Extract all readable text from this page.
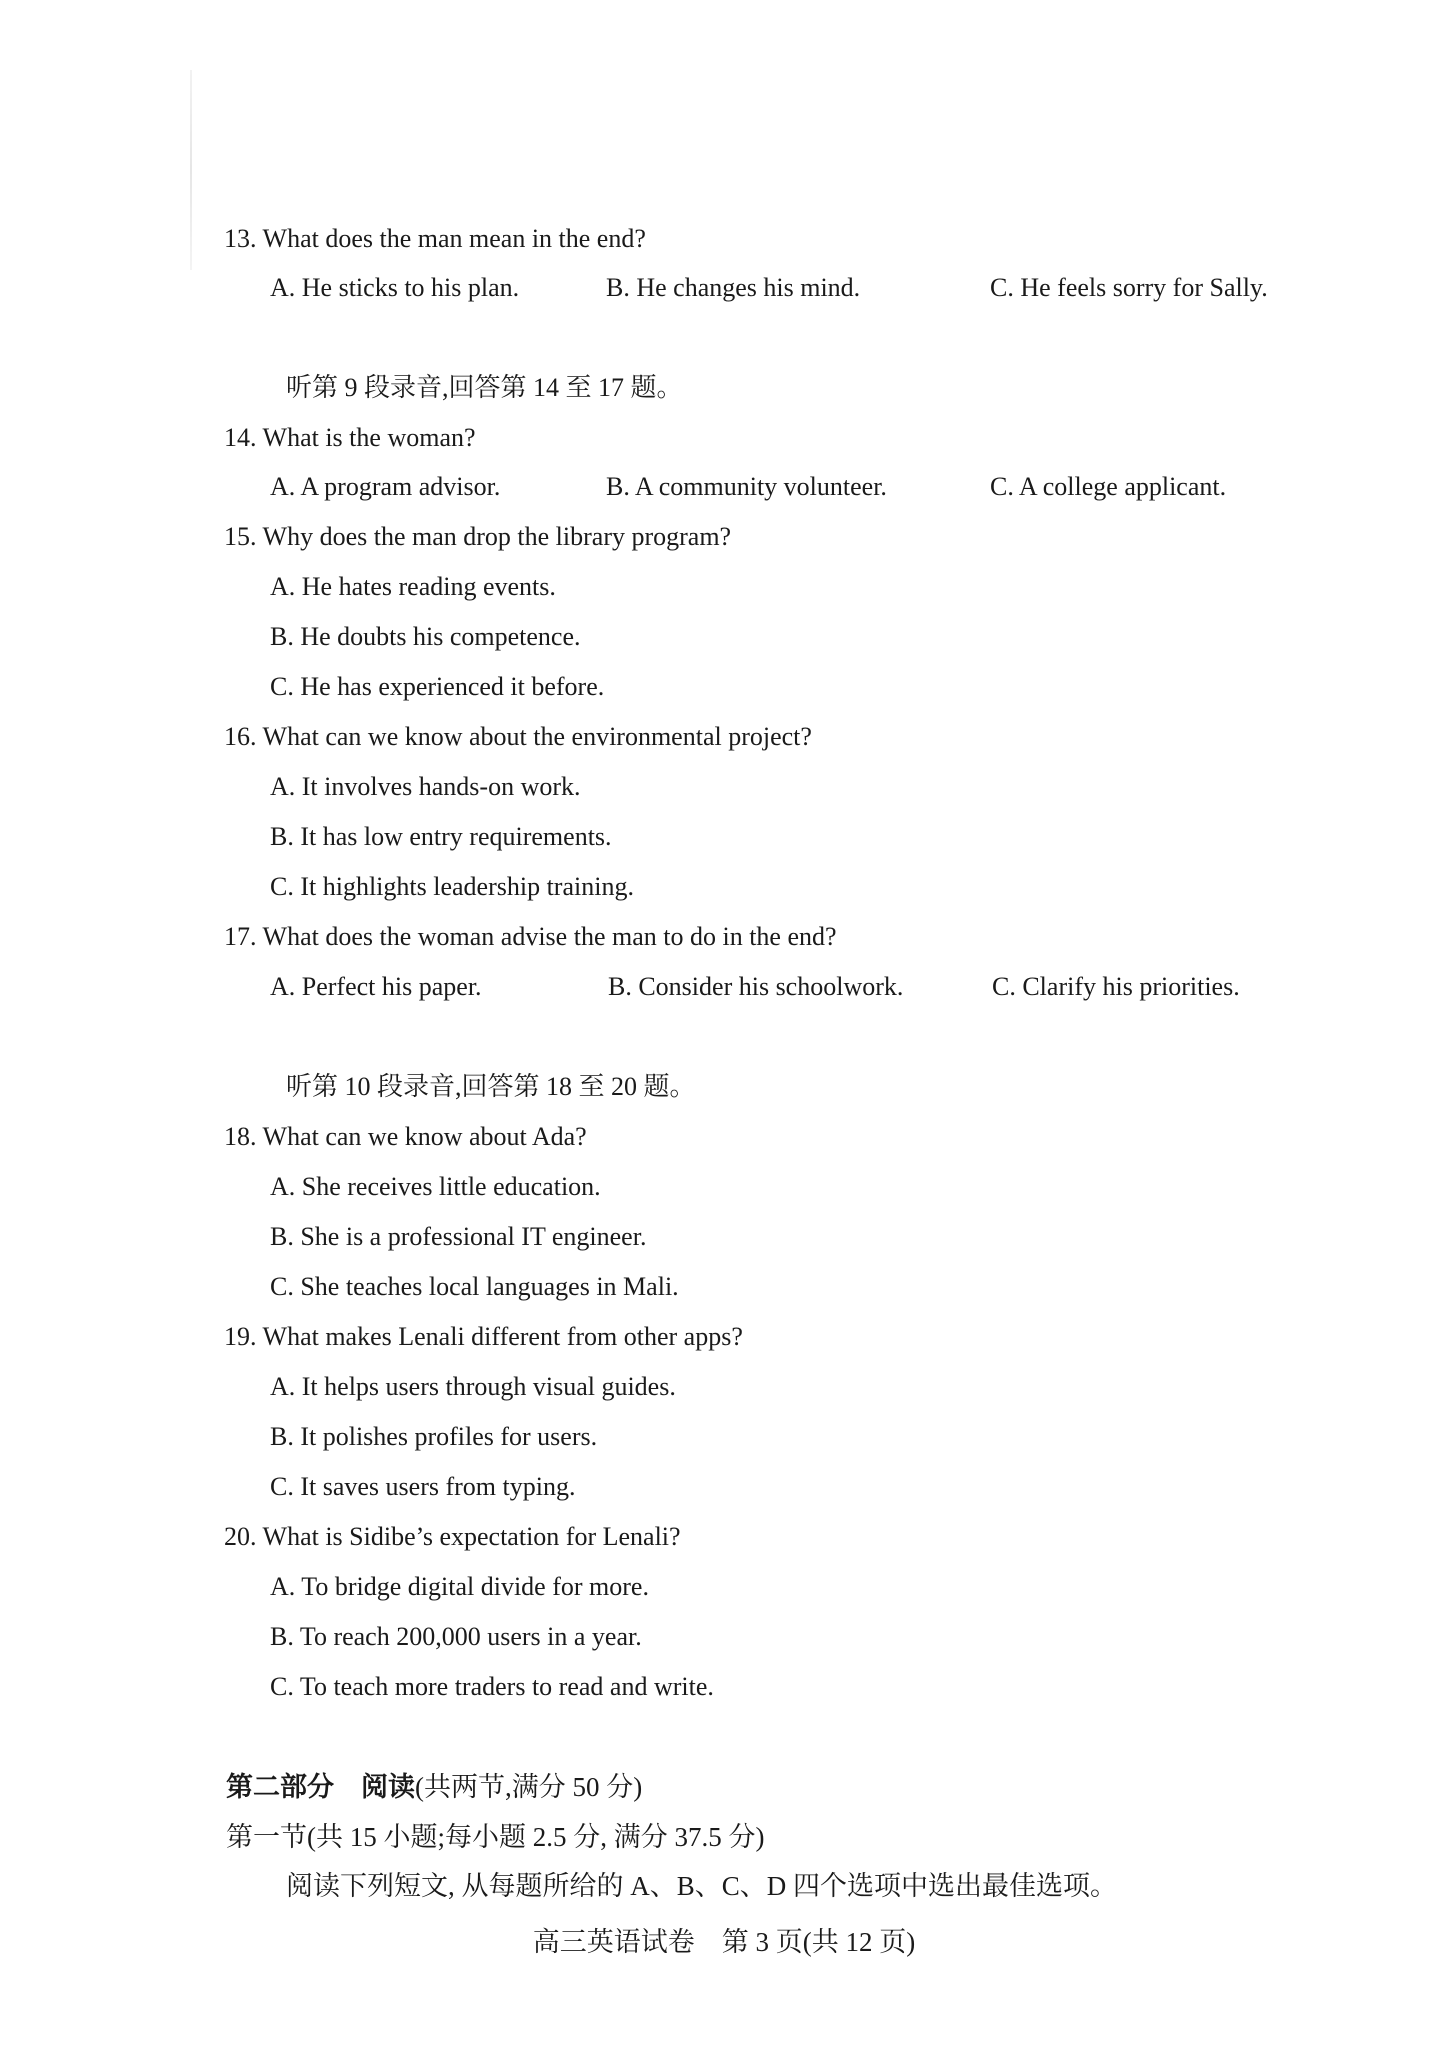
13. What does the man mean in the end?
A. He sticks to his plan.	B. He changes his mind.	C. He feels sorry for Sally.
听第 9 段录音,回答第 14 至 17 题。
14. What is the woman?
A. A program advisor.	B. A community volunteer.	C. A college applicant.
15. Why does the man drop the library program?
A. He hates reading events.
B. He doubts his competence.
C. He has experienced it before.
16. What can we know about the environmental project?
A. It involves hands-on work.
B. It has low entry requirements.
C. It highlights leadership training.
17. What does the woman advise the man to do in the end?
A. Perfect his paper.	B. Consider his schoolwork.	C. Clarify his priorities.
听第 10 段录音,回答第 18 至 20 题。
18. What can we know about Ada?
A. She receives little education.
B. She is a professional IT engineer.
C. She teaches local languages in Mali.
19. What makes Lenali different from other apps?
A. It helps users through visual guides.
B. It polishes profiles for users.
C. It saves users from typing.
20. What is Sidibe’s expectation for Lenali?
A. To bridge digital divide for more.
B. To reach 200,000 users in a year.
C. To teach more traders to read and write.
第二部分　 阅读(共两节,满分 50 分)
第一节(共 15 小题;每小题 2.5 分, 满分 37.5 分)
阅读下列短文, 从每题所给的 A、B、C、D 四个选项中选出最佳选项。
高三英语试卷　第 3 页(共 12 页)
